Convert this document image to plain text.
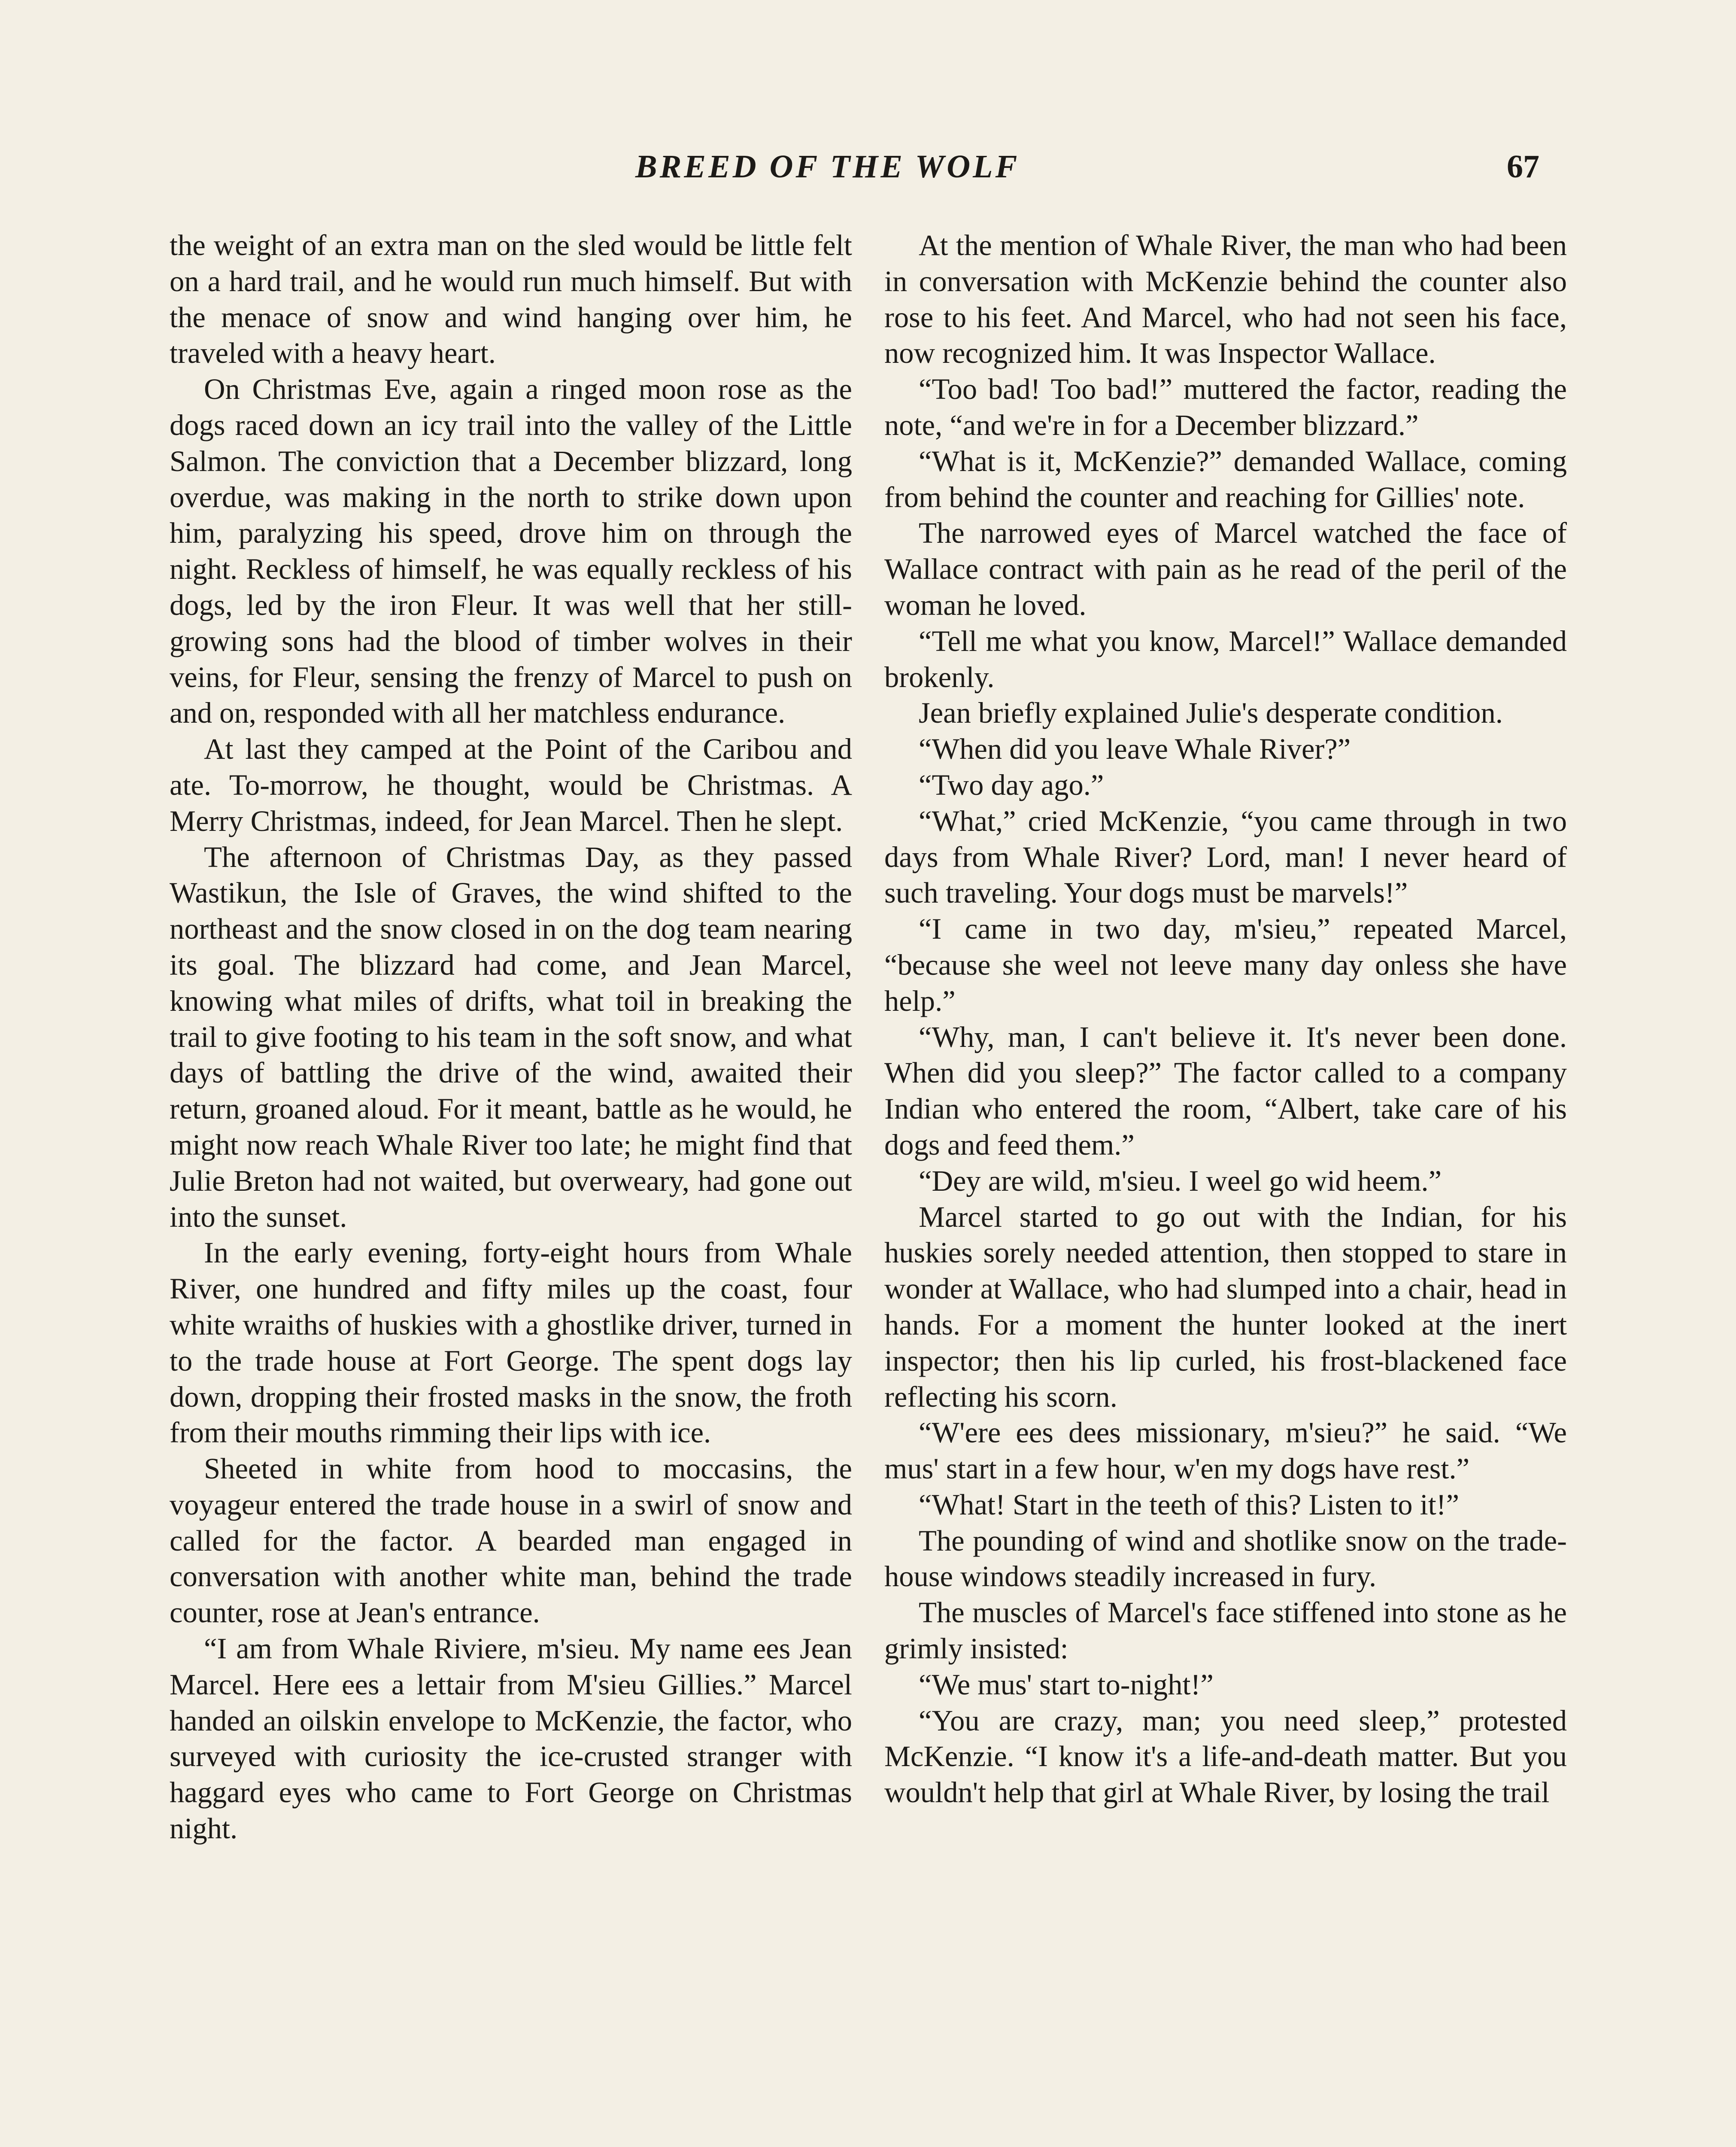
BREED OF THE WOLF	67

the weight of an extra man on the sled would be little felt on a hard trail, and he would run much himself. But with the menace of snow and wind hanging over him, he traveled with a heavy heart.

On Christmas Eve, again a ringed moon rose as the dogs raced down an icy trail into the valley of the Little Salmon. The conviction that a December blizzard, long overdue, was making in the north to strike down upon him, paralyzing his speed, drove him on through the night. Reckless of himself, he was equally reckless of his dogs, led by the iron Fleur. It was well that her still-growing sons had the blood of timber wolves in their veins, for Fleur, sensing the frenzy of Marcel to push on and on, responded with all her matchless endurance.

At last they camped at the Point of the Caribou and ate. To-morrow, he thought, would be Christmas. A Merry Christmas, indeed, for Jean Marcel. Then he slept.

The afternoon of Christmas Day, as they passed Wastikun, the Isle of Graves, the wind shifted to the northeast and the snow closed in on the dog team nearing its goal. The blizzard had come, and Jean Marcel, knowing what miles of drifts, what toil in breaking the trail to give footing to his team in the soft snow, and what days of battling the drive of the wind, awaited their return, groaned aloud. For it meant, battle as he would, he might now reach Whale River too late; he might find that Julie Breton had not waited, but overweary, had gone out into the sunset.

In the early evening, forty-eight hours from Whale River, one hundred and fifty miles up the coast, four white wraiths of huskies with a ghostlike driver, turned in to the trade house at Fort George. The spent dogs lay down, dropping their frosted masks in the snow, the froth from their mouths rimming their lips with ice.

Sheeted in white from hood to moccasins, the voyageur entered the trade house in a swirl of snow and called for the factor. A bearded man engaged in conversation with another white man, behind the trade counter, rose at Jean's entrance.

“I am from Whale Riviere, m'sieu. My name ees Jean Marcel. Here ees a lettair from M'sieu Gillies.” Marcel handed an oilskin envelope to McKenzie, the factor, who surveyed with curiosity the ice-crusted stranger with haggard eyes who came to Fort George on Christmas night.

At the mention of Whale River, the man who had been in conversation with McKenzie behind the counter also rose to his feet. And Marcel, who had not seen his face, now recognized him. It was Inspector Wallace.

“Too bad! Too bad!” muttered the factor, reading the note, “and we're in for a December blizzard.”

“What is it, McKenzie?” demanded Wallace, coming from behind the counter and reaching for Gillies' note.

The narrowed eyes of Marcel watched the face of Wallace contract with pain as he read of the peril of the woman he loved.

“Tell me what you know, Marcel!” Wallace demanded brokenly.

Jean briefly explained Julie's desperate condition.

“When did you leave Whale River?”

“Two day ago.”

“What,” cried McKenzie, “you came through in two days from Whale River? Lord, man! I never heard of such traveling. Your dogs must be marvels!”

“I came in two day, m'sieu,” repeated Marcel, “because she weel not leeve many day onless she have help.”

“Why, man, I can't believe it. It's never been done. When did you sleep?” The factor called to a company Indian who entered the room, “Albert, take care of his dogs and feed them.”

“Dey are wild, m'sieu. I weel go wid heem.”

Marcel started to go out with the Indian, for his huskies sorely needed attention, then stopped to stare in wonder at Wallace, who had slumped into a chair, head in hands. For a moment the hunter looked at the inert inspector; then his lip curled, his frost-blackened face reflecting his scorn.

“W'ere ees dees missionary, m'sieu?” he said. “We mus' start in a few hour, w'en my dogs have rest.”

“What! Start in the teeth of this? Listen to it!”

The pounding of wind and shotlike snow on the trade-house windows steadily increased in fury.

The muscles of Marcel's face stiffened into stone as he grimly insisted:

“We mus' start to-night!”

“You are crazy, man; you need sleep,” protested McKenzie. “I know it's a life-and-death matter. But you wouldn't help that girl at Whale River, by losing the trail
